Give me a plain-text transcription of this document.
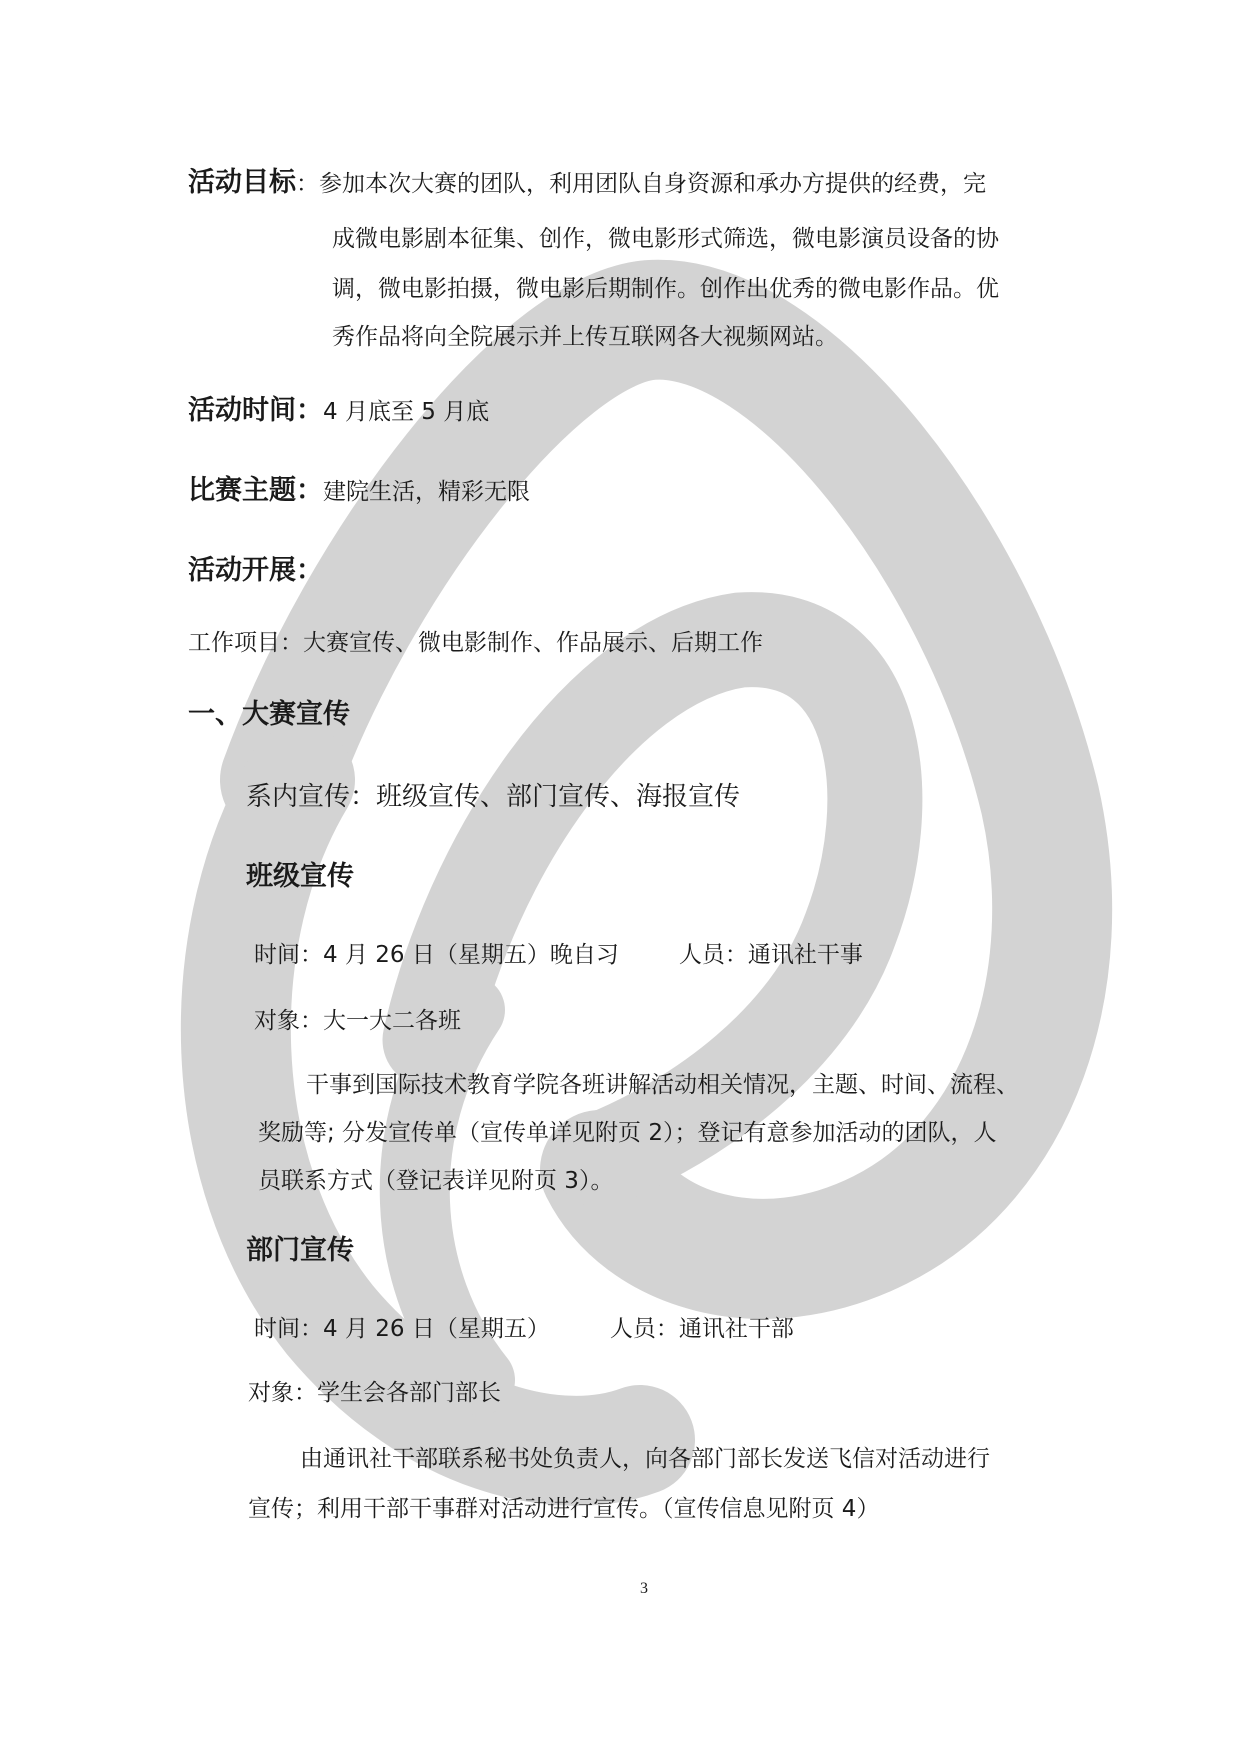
活动目标：参加本次大赛的团队，利用团队自身资源和承办方提供的经费，完
成微电影剧本征集、创作，微电影形式筛选，微电影演员设备的协
调，微电影拍摄，微电影后期制作。创作出优秀的微电影作品。优
秀作品将向全院展示并上传互联网各大视频网站。
活动时间：4 月底至 5 月底
比赛主题：建院生活，精彩无限
活动开展：
工作项目：大赛宣传、微电影制作、作品展示、后期工作
一、大赛宣传
系内宣传：班级宣传、部门宣传、海报宣传
班级宣传
时间：4 月 26 日（星期五）晚自习	人员：通讯社干事
对象：大一大二各班
干事到国际技术教育学院各班讲解活动相关情况，主题、时间、流程、
奖励等; 分发宣传单（宣传单详见附页 2）；登记有意参加活动的团队，人
员联系方式（登记表详见附页 3）。
部门宣传
时间：4 月 26 日（星期五）	人员：通讯社干部
对象：学生会各部门部长
由通讯社干部联系秘书处负责人，向各部门部长发送飞信对活动进行
宣传；利用干部干事群对活动进行宣传。（宣传信息见附页 4）
3
